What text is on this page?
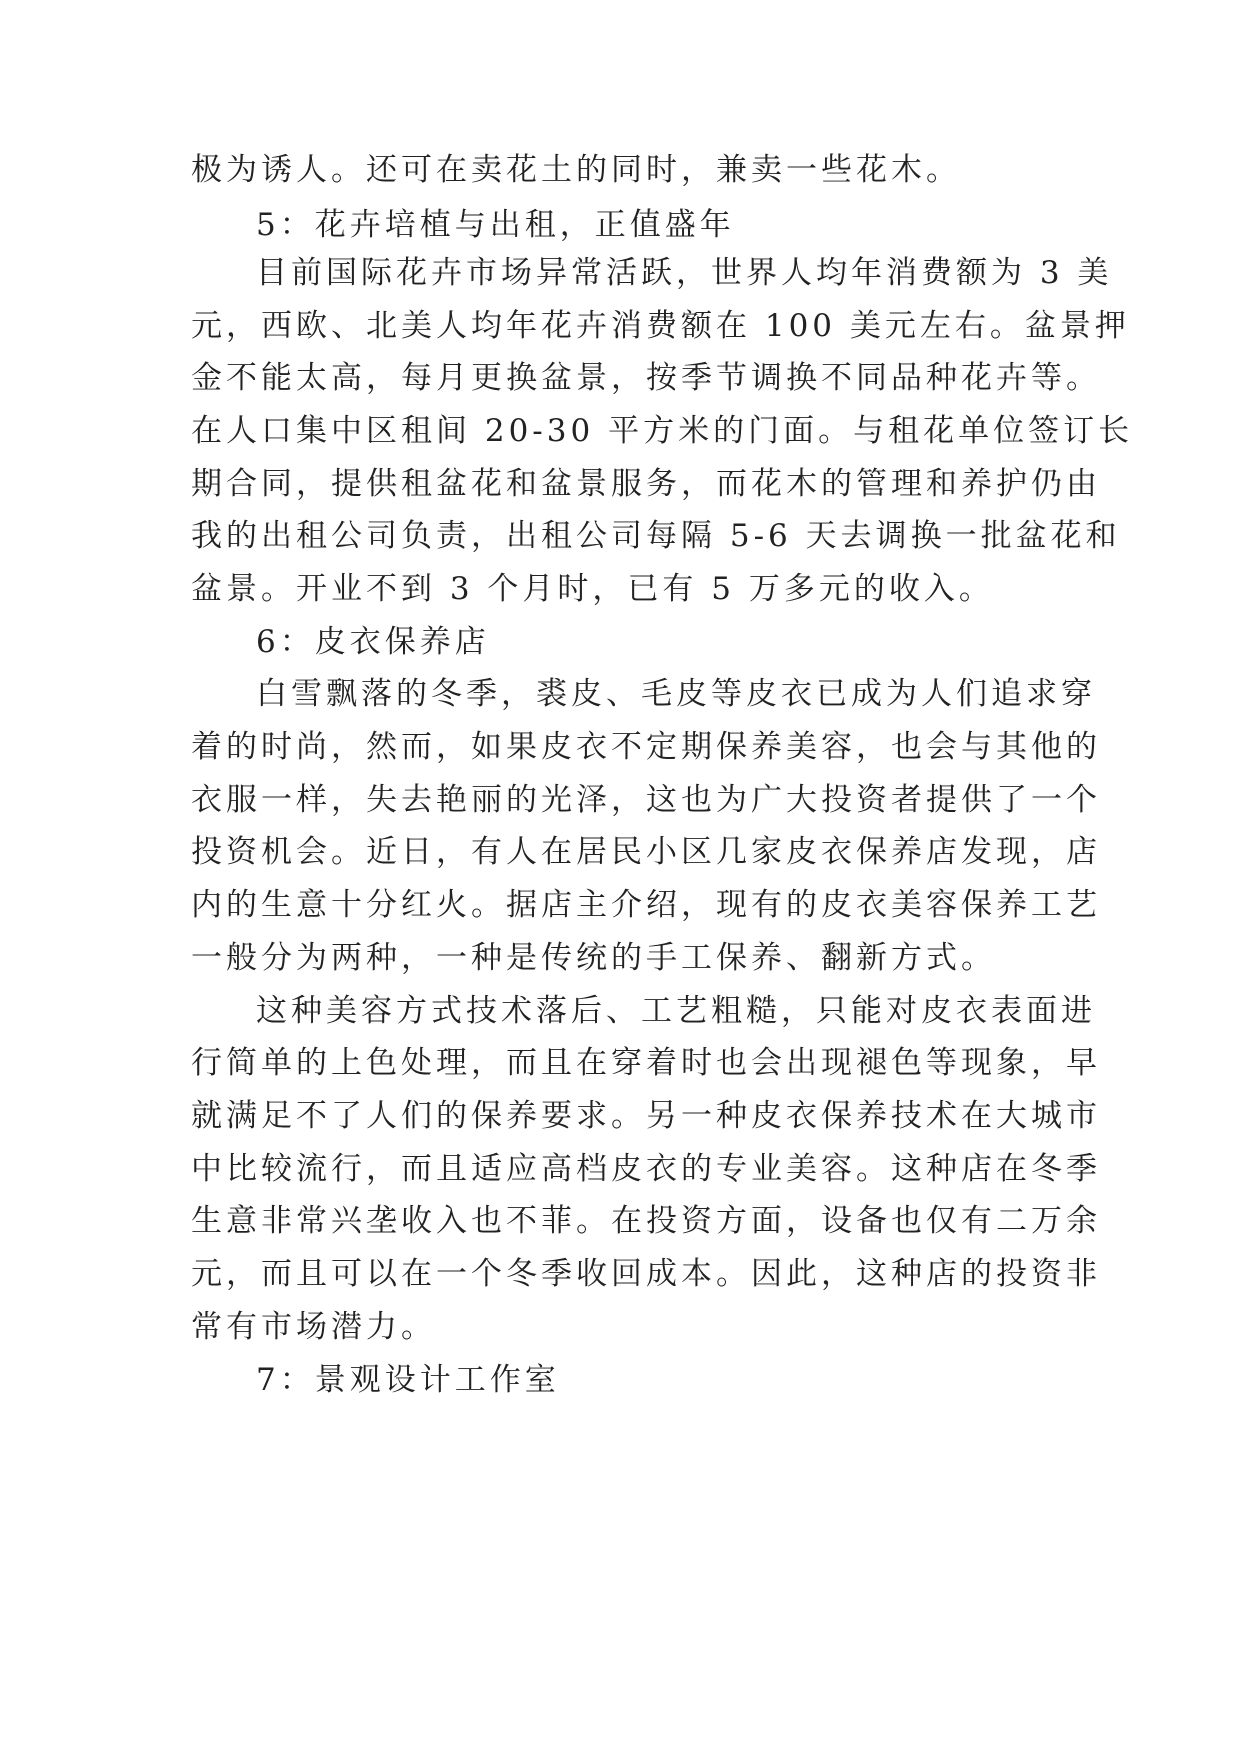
极为诱人。还可在卖花土的同时，兼卖一些花木。
5：花卉培植与出租，正值盛年
目前国际花卉市场异常活跃，世界人均年消费额为 3 美
元，西欧、北美人均年花卉消费额在 100 美元左右。盆景押
金不能太高，每月更换盆景，按季节调换不同品种花卉等。
在人口集中区租间 20-30 平方米的门面。与租花单位签订长
期合同，提供租盆花和盆景服务，而花木的管理和养护仍由
我的出租公司负责，出租公司每隔 5-6 天去调换一批盆花和
盆景。开业不到 3 个月时，已有 5 万多元的收入。
6：皮衣保养店
白雪飘落的冬季，裘皮、毛皮等皮衣已成为人们追求穿
着的时尚，然而，如果皮衣不定期保养美容，也会与其他的
衣服一样，失去艳丽的光泽，这也为广大投资者提供了一个
投资机会。近日，有人在居民小区几家皮衣保养店发现，店
内的生意十分红火。据店主介绍，现有的皮衣美容保养工艺
一般分为两种，一种是传统的手工保养、翻新方式。
这种美容方式技术落后、工艺粗糙，只能对皮衣表面进
行简单的上色处理，而且在穿着时也会出现褪色等现象，早
就满足不了人们的保养要求。另一种皮衣保养技术在大城市
中比较流行，而且适应高档皮衣的专业美容。这种店在冬季
生意非常兴垄收入也不菲。在投资方面，设备也仅有二万余
元，而且可以在一个冬季收回成本。因此，这种店的投资非
常有市场潜力。
7：景观设计工作室
